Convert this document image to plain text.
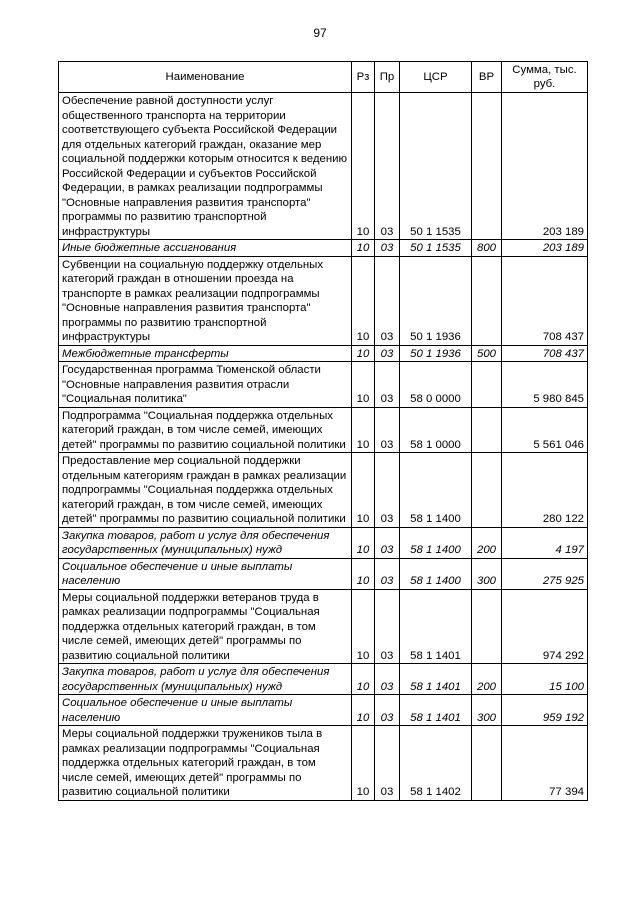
97
Наименование	Рз	Пр	ЦСР	ВР	Сумма, тыс. руб.
Обеспечение равной доступности услуг общественного транспорта на территории соответствующего субъекта Российской Федерации для отдельных категорий граждан, оказание мер социальной поддержки которым относится к ведению Российской Федерации и субъектов Российской Федерации, в рамках реализации подпрограммы "Основные направления развития транспорта" программы по развитию транспортной инфраструктуры	10	03	50 1 1535		203 189
Иные бюджетные ассигнования	10	03	50 1 1535	800	203 189
Субвенции на социальную поддержку отдельных категорий граждан в отношении проезда на транспорте в рамках реализации подпрограммы "Основные направления развития транспорта" программы по развитию транспортной инфраструктуры	10	03	50 1 1936		708 437
Межбюджетные трансферты	10	03	50 1 1936	500	708 437
Государственная программа Тюменской области "Основные направления развития отрасли "Социальная политика"	10	03	58 0 0000		5 980 845
Подпрограмма "Социальная поддержка отдельных категорий граждан, в том числе семей, имеющих детей" программы по развитию социальной политики	10	03	58 1 0000		5 561 046
Предоставление мер социальной поддержки отдельным категориям граждан в рамках реализации подпрограммы "Социальная поддержка отдельных категорий граждан, в том числе семей, имеющих детей" программы по развитию социальной политики	10	03	58 1 1400		280 122
Закупка товаров, работ и услуг для обеспечения государственных (муниципальных) нужд	10	03	58 1 1400	200	4 197
Социальное обеспечение и иные выплаты населению	10	03	58 1 1400	300	275 925
Меры социальной поддержки ветеранов труда в рамках реализации подпрограммы "Социальная поддержка отдельных категорий граждан, в том числе семей, имеющих детей" программы по развитию социальной политики	10	03	58 1 1401		974 292
Закупка товаров, работ и услуг для обеспечения государственных (муниципальных) нужд	10	03	58 1 1401	200	15 100
Социальное обеспечение и иные выплаты населению	10	03	58 1 1401	300	959 192
Меры социальной поддержки тружеников тыла в рамках реализации подпрограммы "Социальная поддержка отдельных категорий граждан, в том числе семей, имеющих детей" программы по развитию социальной политики	10	03	58 1 1402		77 394
